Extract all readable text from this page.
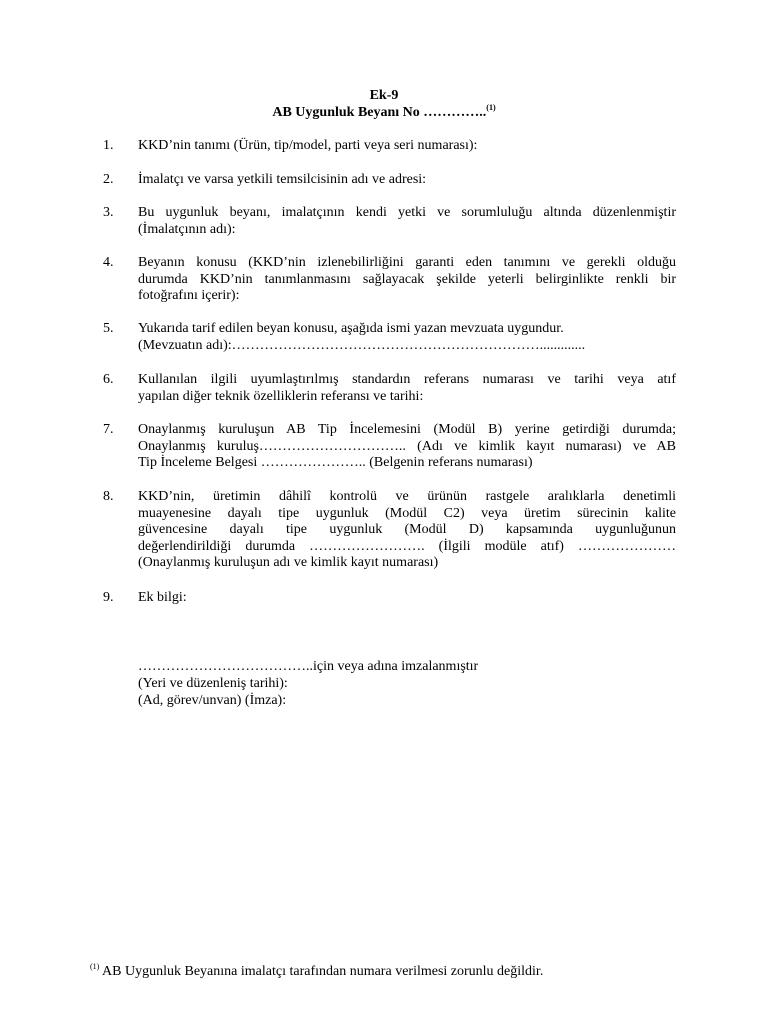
Ek-9
AB Uygunluk Beyanı No …………..$^{(1)}$
1. KKD’nin tanımı (Ürün, tip/model, parti veya seri numarası):

2. İmalatçı ve varsa yetkili temsilcisinin adı ve adresi:

3. Bu uygunluk beyanı, imalatçının kendi yetki ve sorumluluğu altında düzenlenmiştir

(İmalatçının adı):

4. Beyanın konusu (KKD’nin izlenebilirliğini garanti eden tanımını ve gerekli olduğu

durumda KKD’nin tanımlanmasını sağlayacak şekilde yeterli belirginlikte renkli bir

fotoğrafını içerir):

5. Yukarıda tarif edilen beyan konusu, aşağıda ismi yazan mevzuata uygundur.

(Mevzuatın adı):………………………………………………………….............

6. Kullanılan ilgili uyumlaştırılmış standardın referans numarası ve tarihi veya atıf

yapılan diğer teknik özelliklerin referansı ve tarihi:

7. Onaylanmış kuruluşun AB Tip İncelemesini (Modül B) yerine getirdiği durumda;

Onaylanmış kuruluş………………………….. (Adı ve kimlik kayıt numarası) ve AB

Tip İnceleme Belgesi ………………….. (Belgenin referans numarası)

8. KKD’nin, üretimin dâhilî kontrolü ve ürünün rastgele aralıklarla denetimli

muayenesine dayalı tipe uygunluk (Modül C2) veya üretim sürecinin kalite

güvencesine dayalı tipe uygunluk (Modül D) kapsamında uygunluğunun

değerlendirildiği durumda ……………………. (İlgili modüle atıf) …………………

(Onaylanmış kuruluşun adı ve kimlik kayıt numarası)

9. Ek bilgi:

………………………………..için veya adına imzalanmıştır
(Yeri ve düzenleniş tarihi):
(Ad, görev/unvan) (İmza):
$^{(1)}$ AB Uygunluk Beyanına imalatçı tarafından numara verilmesi zorunlu değildir.
